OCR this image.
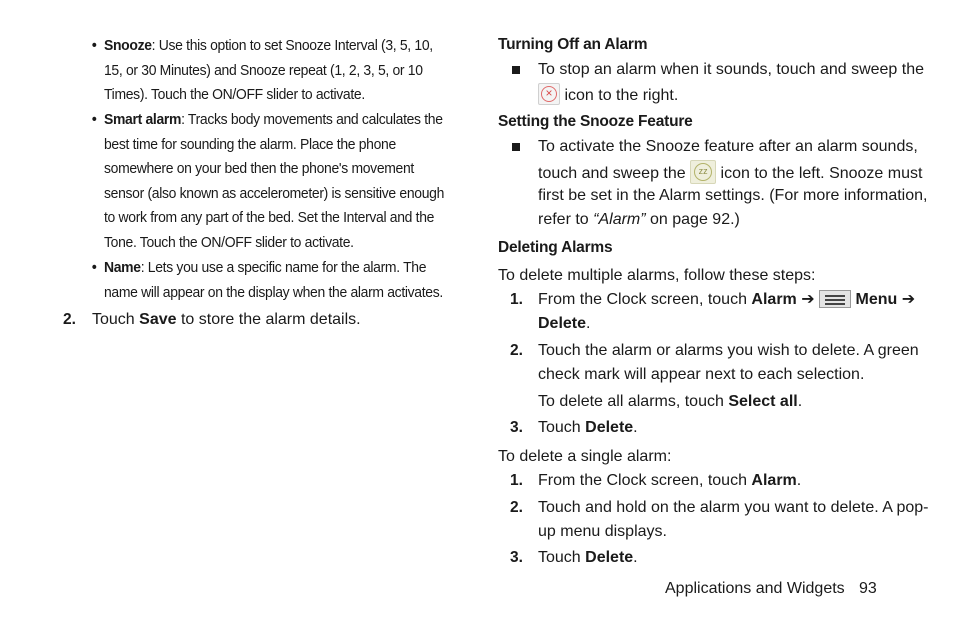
• Snooze: Use this option to set Snooze Interval (3, 5, 10, 15, or 30 Minutes) and Snooze repeat (1, 2, 3, 5, or 10 Times). Touch the ON/OFF slider to activate.
• Smart alarm: Tracks body movements and calculates the best time for sounding the alarm. Place the phone somewhere on your bed then the phone's movement sensor (also known as accelerometer) is sensitive enough to work from any part of the bed. Set the Interval and the Tone. Touch the ON/OFF slider to activate.
• Name: Lets you use a specific name for the alarm. The name will appear on the display when the alarm activates.
2. Touch Save to store the alarm details.
Turning Off an Alarm
To stop an alarm when it sounds, touch and sweep the
× icon to the right.
Setting the Snooze Feature
To activate the Snooze feature after an alarm sounds,
touch and sweep the zz icon to the left. Snooze must
first be set in the Alarm settings. (For more information,
refer to “Alarm” on page 92.)
Deleting Alarms
To delete multiple alarms, follow these steps:
1. From the Clock screen, touch Alarm ➔	Menu ➔
Delete.
2. Touch the alarm or alarms you wish to delete. A green
check mark will appear next to each selection.
To delete all alarms, touch Select all.
3. Touch Delete.
To delete a single alarm:
1. From the Clock screen, touch Alarm.
2. Touch and hold on the alarm you want to delete. A pop-
up menu displays.
3. Touch Delete.
Applications and Widgets 93
